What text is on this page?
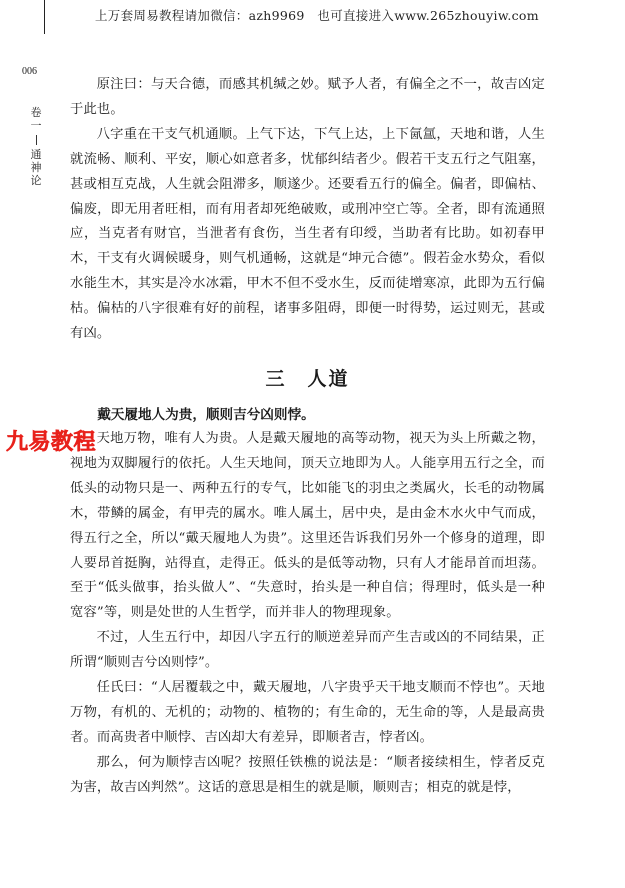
上万套周易教程请加微信：azh9969　也可直接进入www.265zhouyiw.com
006
卷一
通神论

原注曰：与天合德，而感其机缄之妙。赋予人者，有偏全之不一，故吉凶定于此也。

八字重在干支气机通顺。上气下达，下气上达，上下氤氲，天地和谐，人生就流畅、顺利、平安，顺心如意者多，忧郁纠结者少。假若干支五行之气阻塞，甚或相互克战，人生就会阻滞多，顺遂少。还要看五行的偏全。偏者，即偏枯、偏废，即无用者旺相，而有用者却死绝破败，或刑冲空亡等。全者，即有流通照应，当克者有财官，当泄者有食伤，当生者有印绶，当助者有比助。如初春甲木，干支有火调候暖身，则气机通畅，这就是“坤元合德”。假若金水势众，看似水能生木，其实是冷水冰霜，甲木不但不受水生，反而徒增寒凉，此即为五行偏枯。偏枯的八字很难有好的前程，诸事多阻碍，即便一时得势，运过则无，甚或有凶。

三　人道

戴天履地人为贵，顺则吉兮凶则悖。

天地万物，唯有人为贵。人是戴天履地的高等动物，视天为头上所戴之物，视地为双脚履行的依托。人生天地间，顶天立地即为人。人能享用五行之全，而低头的动物只是一、两种五行的专气，比如能飞的羽虫之类属火，长毛的动物属木，带鳞的属金，有甲壳的属水。唯人属土，居中央，是由金木水火中气而成，得五行之全，所以“戴天履地人为贵”。这里还告诉我们另外一个修身的道理，即人要昂首挺胸，站得直，走得正。低头的是低等动物，只有人才能昂首而坦荡。至于“低头做事，抬头做人”、“失意时，抬头是一种自信；得理时，低头是一种宽容”等，则是处世的人生哲学，而并非人的物理现象。

不过，人生五行中，却因八字五行的顺逆差异而产生吉或凶的不同结果，正所谓“顺则吉兮凶则悖”。

任氏曰：“人居覆载之中，戴天履地，八字贵乎天干地支顺而不悖也”。天地万物，有机的、无机的；动物的、植物的；有生命的，无生命的等，人是最高贵者。而高贵者中顺悖、吉凶却大有差异，即顺者吉，悖者凶。

那么，何为顺悖吉凶呢？按照任铁樵的说法是：“顺者接续相生，悖者反克为害，故吉凶判然”。这话的意思是相生的就是顺，顺则吉；相克的就是悖，

九易教程
